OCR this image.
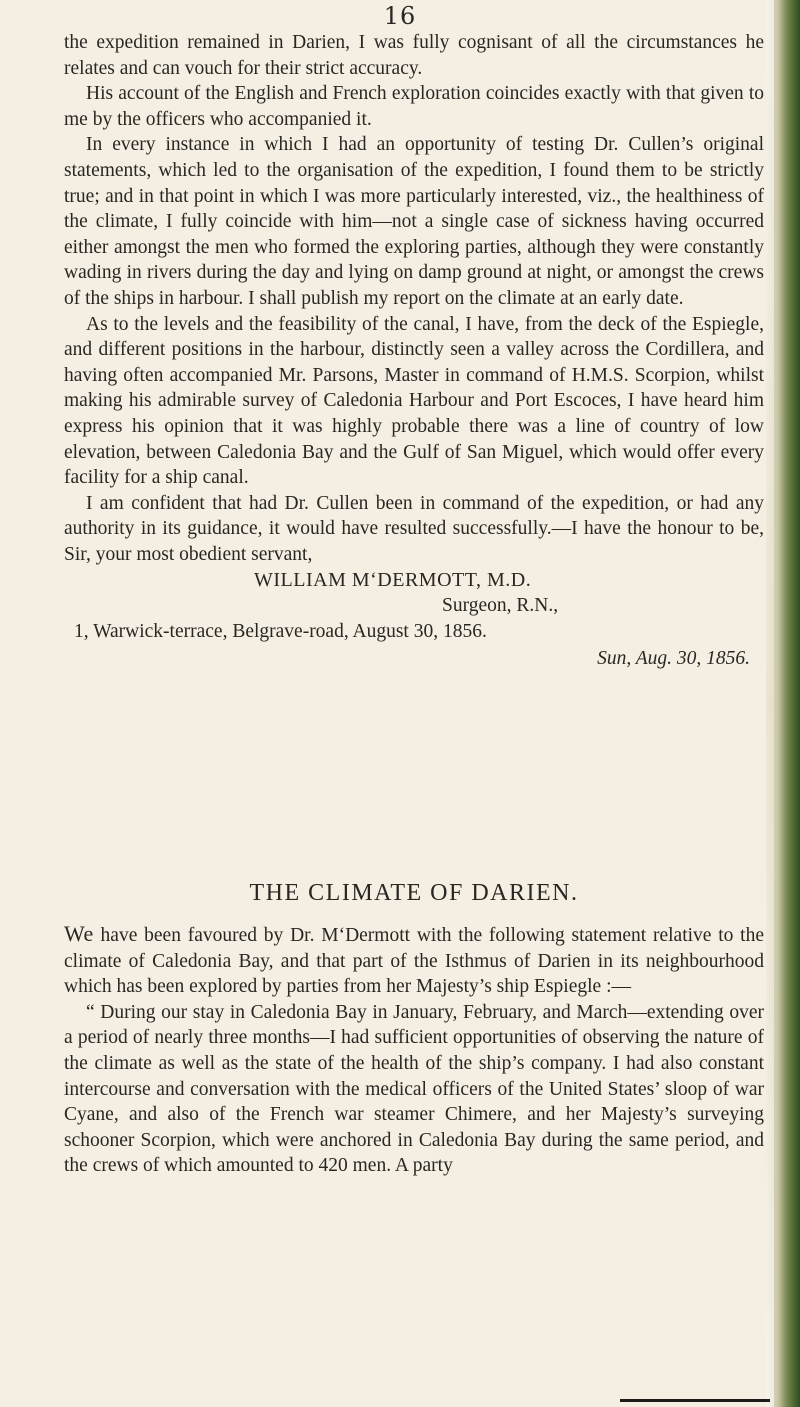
16

the expedition remained in Darien, I was fully cognisant of all the circumstances he relates and can vouch for their strict accuracy.

His account of the English and French exploration coincides exactly with that given to me by the officers who accompanied it.

In every instance in which I had an opportunity of testing Dr. Cullen’s original statements, which led to the organisation of the expedition, I found them to be strictly true; and in that point in which I was more particularly interested, viz., the healthiness of the climate, I fully coincide with him—not a single case of sickness having occurred either amongst the men who formed the exploring parties, although they were constantly wading in rivers during the day and lying on damp ground at night, or amongst the crews of the ships in harbour. I shall publish my report on the climate at an early date.

As to the levels and the feasibility of the canal, I have, from the deck of the Espiegle, and different positions in the harbour, distinctly seen a valley across the Cordillera, and having often accompanied Mr. Parsons, Master in command of H.M.S. Scorpion, whilst making his admirable survey of Caledonia Harbour and Port Escoces, I have heard him express his opinion that it was highly probable there was a line of country of low elevation, between Caledonia Bay and the Gulf of San Miguel, which would offer every facility for a ship canal.

I am confident that had Dr. Cullen been in command of the expedition, or had any authority in its guidance, it would have resulted successfully.—I have the honour to be, Sir, your most obedient servant,

WILLIAM M‘DERMOTT, M.D.
Surgeon, R.N.,
1, Warwick-terrace, Belgrave-road, August 30, 1856.
Sun, Aug. 30, 1856.
THE CLIMATE OF DARIEN.

We have been favoured by Dr. M‘Dermott with the following statement relative to the climate of Caledonia Bay, and that part of the Isthmus of Darien in its neighbourhood which has been explored by parties from her Majesty’s ship Espiegle :—

“ During our stay in Caledonia Bay in January, February, and March—extending over a period of nearly three months—I had sufficient opportunities of observing the nature of the climate as well as the state of the health of the ship’s company. I had also constant intercourse and conversation with the medical officers of the United States’ sloop of war Cyane, and also of the French war steamer Chimere, and her Majesty’s surveying schooner Scorpion, which were anchored in Caledonia Bay during the same period, and the crews of which amounted to 420 men. A party
